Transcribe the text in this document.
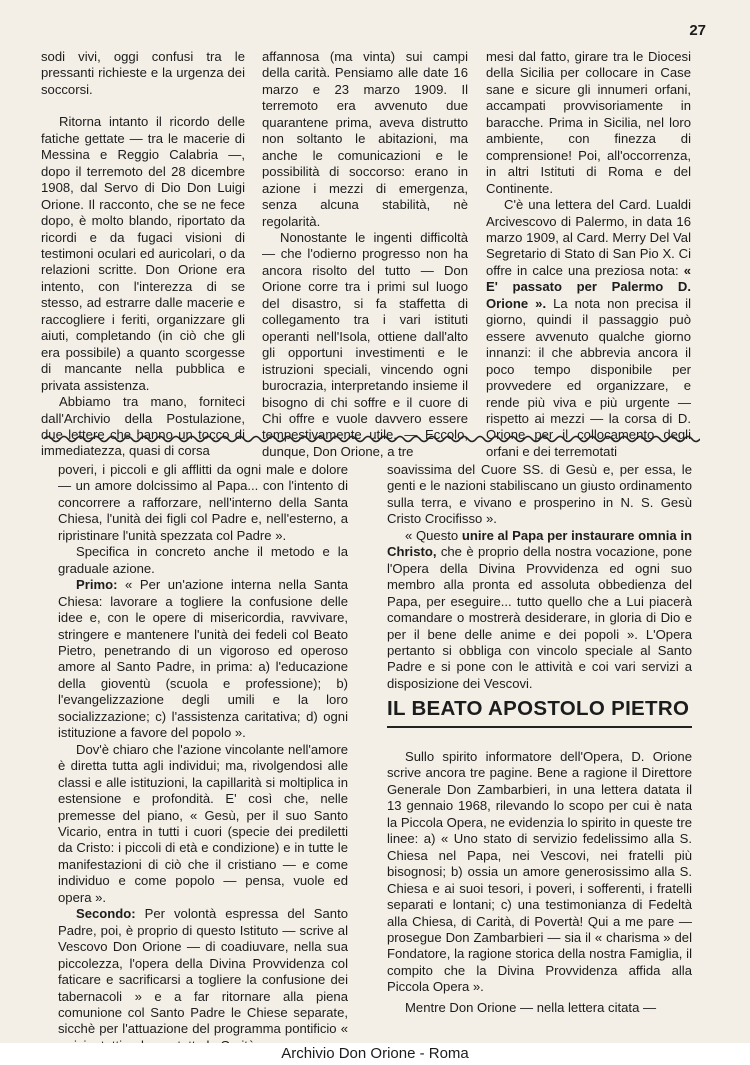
27

sodi vivi, oggi confusi tra le pressanti richieste e la urgenza dei soccorsi.

Ritorna intanto il ricordo delle fatiche gettate — tra le macerie di Messina e Reggio Calabria —, dopo il terremoto del 28 dicembre 1908, dal Servo di Dio Don Luigi Orione. Il racconto, che se ne fece dopo, è molto blando, riportato da ricordi e da fugaci visioni di testimoni oculari ed auricolari, o da relazioni scritte. Don Orione era intento, con l'interezza di se stesso, ad estrarre dalle macerie e raccogliere i feriti, organizzare gli aiuti, completando (in ciò che gli era possibile) a quanto scorgesse di mancante nella pubblica e privata assistenza.

Abbiamo tra mano, forniteci dall'Archivio della Postulazione, due lettere che hanno un tocco di immediatezza, quasi di corsa

affannosa (ma vinta) sui campi della carità. Pensiamo alle date 16 marzo e 23 marzo 1909. Il terremoto era avvenuto due quarantene prima, aveva distrutto non soltanto le abitazioni, ma anche le comunicazioni e le possibilità di soccorso: erano in azione i mezzi di emergenza, senza alcuna stabilità, nè regolarità.

Nonostante le ingenti difficoltà — che l'odierno progresso non ha ancora risolto del tutto — Don Orione corre tra i primi sul luogo del disastro, si fa staffetta di collegamento tra i vari istituti operanti nell'Isola, ottiene dall'alto gli opportuni investimenti e le istruzioni speciali, vincendo ogni burocrazia, interpretando insieme il bisogno di chi soffre e il cuore di Chi offre e vuole davvero essere tempestivamente utile. — Eccolo, dunque, Don Orione, a tre

mesi dal fatto, girare tra le Diocesi della Sicilia per collocare in Case sane e sicure gli innumeri orfani, accampati provvisoriamente in baracche. Prima in Sicilia, nel loro ambiente, con finezza di comprensione! Poi, all'occorrenza, in altri Istituti di Roma e del Continente.

C'è una lettera del Card. Lualdi Arcivescovo di Palermo, in data 16 marzo 1909, al Card. Merry Del Val Segretario di Stato di San Pio X. Ci offre in calce una preziosa nota: « E' passato per Palermo D. Orione ». La nota non precisa il giorno, quindi il passaggio può essere avvenuto qualche giorno innanzi: il che abbrevia ancora il poco tempo disponibile per provvedere ed organizzare, e rende più viva e più urgente — rispetto ai mezzi — la corsa di D. Orione per il collocamento degli orfani e dei terremotati

poveri, i piccoli e gli afflitti da ogni male e dolore — un amore dolcissimo al Papa... con l'intento di concorrere a rafforzare, nell'interno della Santa Chiesa, l'unità dei figli col Padre e, nell'esterno, a ripristinare l'unità spezzata col Padre ».

Specifica in concreto anche il metodo e la graduale azione.

Primo: « Per un'azione interna nella Santa Chiesa: lavorare a togliere la confusione delle idee e, con le opere di misericordia, ravvivare, stringere e mantenere l'unità dei fedeli col Beato Pietro, penetrando di un vigoroso ed operoso amore al Santo Padre, in prima: a) l'educazione della gioventù (scuola e professione); b) l'evangelizzazione degli umili e la loro socializzazione; c) l'assistenza caritativa; d) ogni istituzione a favore del popolo ».

Dov'è chiaro che l'azione vincolante nell'amore è diretta tutta agli individui; ma, rivolgendosi alle classi e alle istituzioni, la capillarità si moltiplica in estensione e profondità. E' così che, nelle premesse del piano, « Gesù, per il suo Santo Vicario, entra in tutti i cuori (specie dei prediletti da Cristo: i piccoli di età e condizione) e in tutte le manifestazioni di ciò che il cristiano — e come individuo e come popolo — pensa, vuole ed opera ».

Secondo: Per volontà espressa del Santo Padre, poi, è proprio di questo Istituto — scrive al Vescovo Don Orione — di coadiuvare, nella sua piccolezza, l'opera della Divina Provvidenza col faticare e sacrificarsi a togliere la confusione dei tabernacoli » e a far ritornare alla piena comunione col Santo Padre le Chiese separate, sicchè per l'attuazione del programma pontificio «

soavissima del Cuore SS. di Gesù e, per essa, le genti e le nazioni stabiliscano un giusto ordinamento sulla terra, e vivano e prosperino in N. S. Gesù Cristo Crocifisso ».

« Questo unire al Papa per instaurare omnia in Christo, che è proprio della nostra vocazione, pone l'Opera della Divina Provvidenza ed ogni suo membro alla pronta ed assoluta obbedienza del Papa, per eseguire... tutto quello che a Lui piacerà comandare o mostrerà desiderare, in gloria di Dio e per il bene delle anime e dei popoli ». L'Opera pertanto si obbliga con vincolo speciale al Santo Padre e si pone con le attività e coi vari servizi a disposizione dei Vescovi.

IL BEATO APOSTOLO PIETRO

Sullo spirito informatore dell'Opera, D. Orione scrive ancora tre pagine. Bene a ragione il Direttore Generale Don Zambarbieri, in una lettera datata il 13 gennaio 1968, rilevando lo scopo per cui è nata la Piccola Opera, ne evidenzia lo spirito in queste tre linee: a) « Uno stato di servizio fedelissimo alla S. Chiesa nel Papa, nei Vescovi, nei fratelli più bisognosi; b) ossia un amore generosissimo alla S. Chiesa e ai suoi tesori, i poveri, i sofferenti, i fratelli separati e lontani; c) una testimonianza di Fedeltà alla Chiesa, di Carità, di Povertà! Qui a me pare — prosegue Don Zambarbieri — sia il « charisma » del Fondatore, la ragione storica della nostra Famiglia, il compito che la Divina Provvidenza affida alla Piccola Opera ».

Mentre Don Orione — nella lettera citata —

Archivio Don Orione - Roma
